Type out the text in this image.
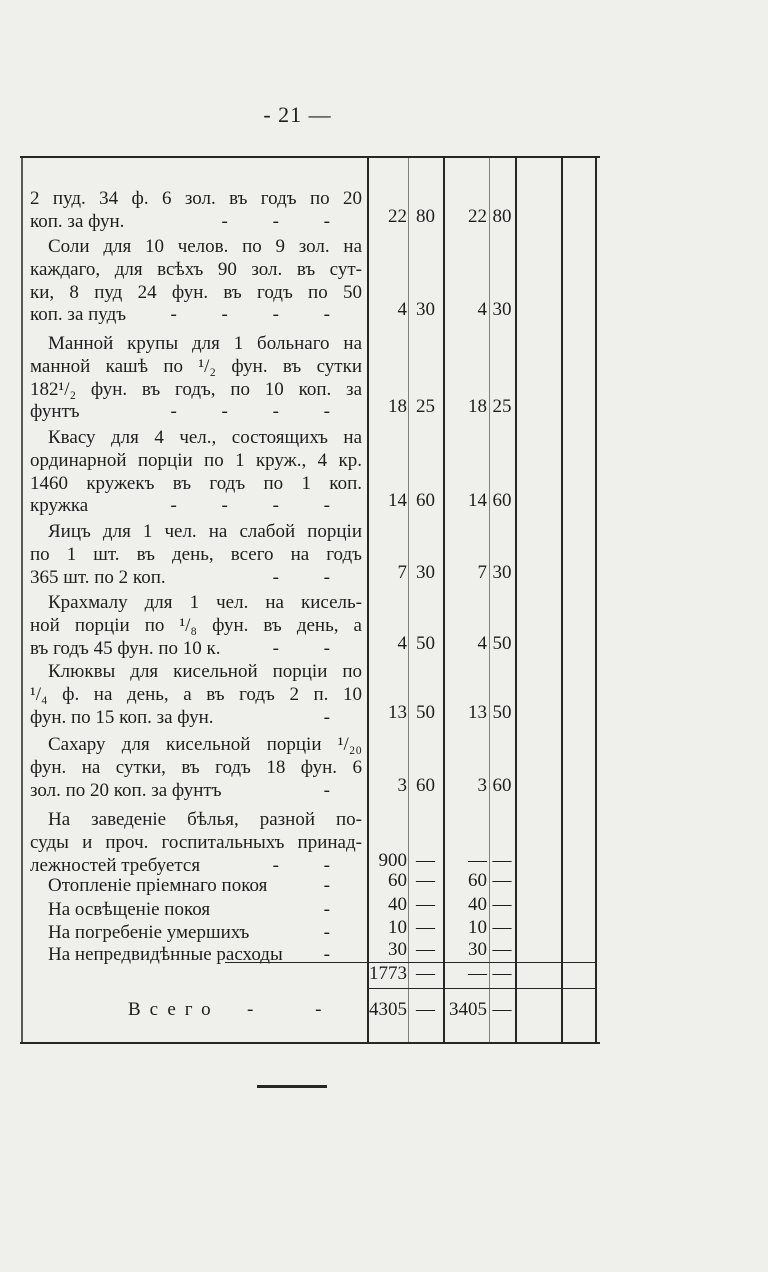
- 21 —
2 пуд. 34 ф. 6 зол. въ годъ по 20
коп. за фун.	- - -	22 80	22 80
Соли для 10 челов. по 9 зол. на
каждаго, для всѣхъ 90 зол. въ сут-
ки, 8 пуд 24 фун. въ годъ по 50
коп. за пудъ	- - - -	4 30	4 30
Манной крупы для 1 больнаго на
манной кашѣ по ¹/₂ фун. въ сутки
182¹/₂ фун. въ годъ, по 10 коп. за
фунтъ	- - - -	18 25	18 25
Квасу для 4 чел., состоящихъ на
ординарной порціи по 1 круж., 4 кр.
1460 кружекъ въ годъ по 1 коп.
кружка	- - - -	14 60	14 60
Яицъ для 1 чел. на слабой порціи
по 1 шт. въ день, всего на годъ
365 шт. по 2 коп.	- -	7 30	7 30
Крахмалу для 1 чел. на кисель-
ной порціи по ¹/₈ фун. въ день, а
въ годъ 45 фун. по 10 к.	- -	4 50	4 50
Клюквы для кисельной порціи по
¹/₄ ф. на день, а въ годъ 2 п. 10
фун. по 15 коп. за фун.	-	13 50	13 50
Сахару для кисельной порціи ¹/₂₀
фун. на сутки, въ годъ 18 фун. 6
зол. по 20 коп. за фунтъ	-	3 60	3 60
На заведеніе бѣлья, разной по-
суды и проч. госпитальныхъ принад-
лежностей требуется	- -	900 —	— —
Отопленіе пріемнаго покоя	-	60 —	60 —
На освѣщеніе покоя	-	40 —	40 —
На погребеніе умершихъ	-	10 —	10 —
На непредвидѣнные расходы	-	30 —	30 —
1773 —	— —
Всего - -	4305 — 3405 —
